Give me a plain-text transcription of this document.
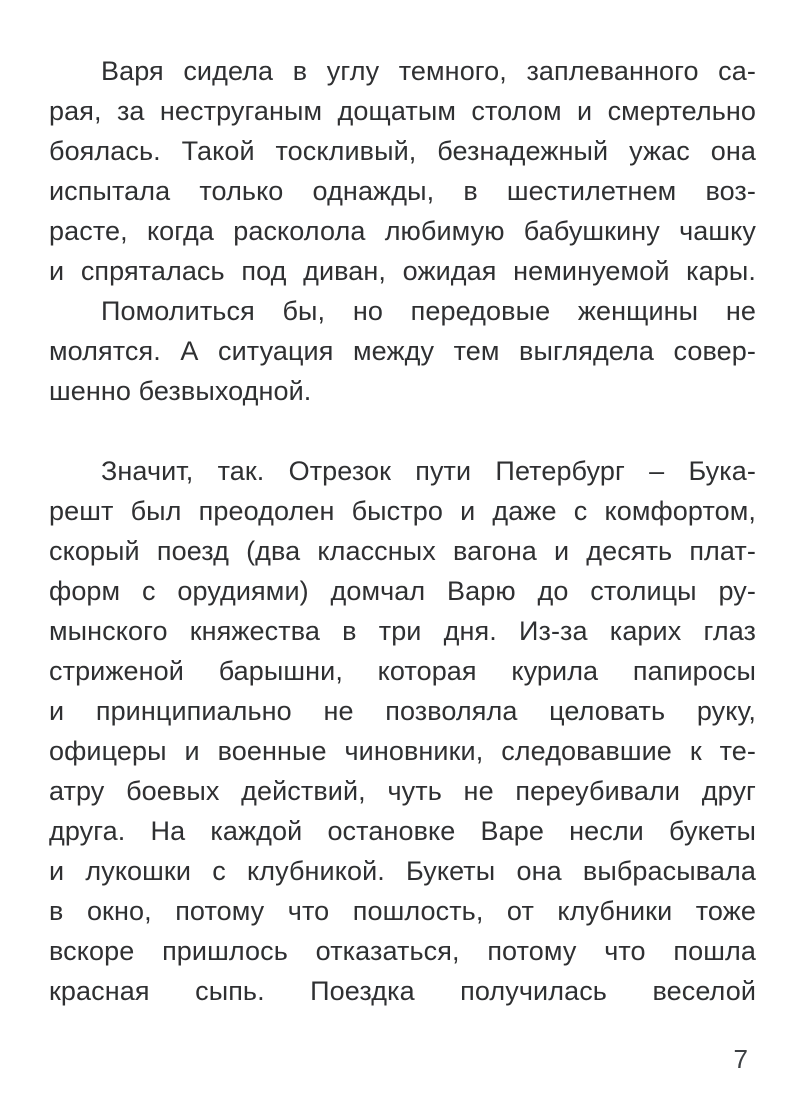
Варя сидела в углу темного, заплеванного са-
рая, за неструганым дощатым столом и смертельно
боялась. Такой тоскливый, безнадежный ужас она
испытала только однажды, в шестилетнем воз-
расте, когда расколола любимую бабушкину чашку
и спряталась под диван, ожидая неминуемой кары.
Помолиться бы, но передовые женщины не
молятся. А ситуация между тем выглядела совер-
шенно безвыходной.
Значит, так. Отрезок пути Петербург – Бука-
решт был преодолен быстро и даже с комфортом,
скорый поезд (два классных вагона и десять плат-
форм с орудиями) домчал Варю до столицы ру-
мынского княжества в три дня. Из-за карих глаз
стриженой барышни, которая курила папиросы
и принципиально не позволяла целовать руку,
офицеры и военные чиновники, следовавшие к те-
атру боевых действий, чуть не переубивали друг
друга. На каждой остановке Варе несли букеты
и лукошки с клубникой. Букеты она выбрасывала
в окно, потому что пошлость, от клубники тоже
вскоре пришлось отказаться, потому что пошла
красная сыпь. Поездка получилась веселой
7
